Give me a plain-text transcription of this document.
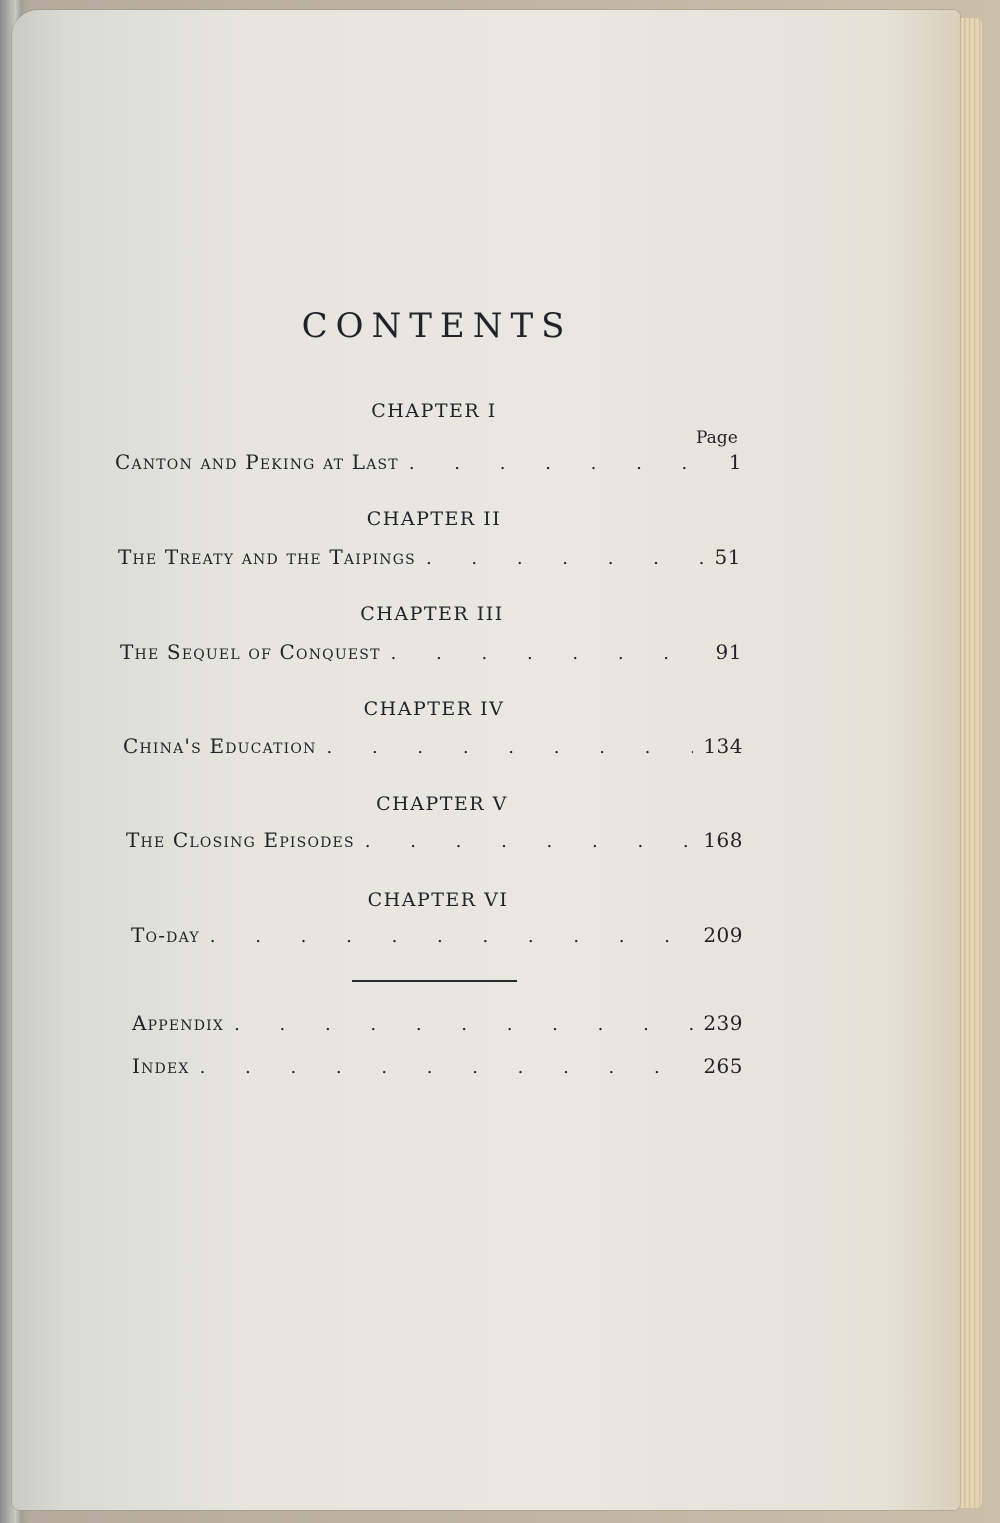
CONTENTS
CHAPTER I
Page
Canton and Peking at Last . . .	1
CHAPTER II
The Treaty and the Taipings . . .	51
CHAPTER III
The Sequel of Conquest . . .	91
CHAPTER IV
China's Education . . .	134
CHAPTER V
The Closing Episodes . . .	168
CHAPTER VI
To-day . . .	209
Appendix . . .	239
Index . . .	265
